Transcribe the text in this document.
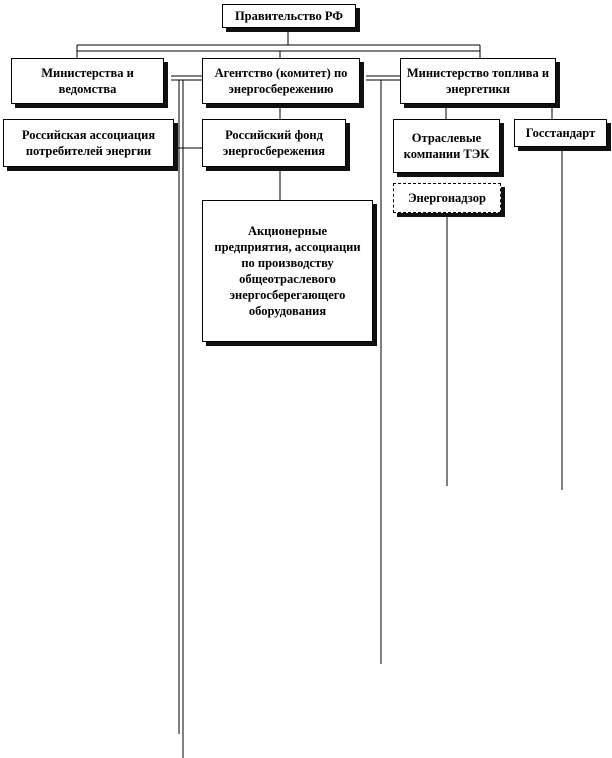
Правительство РФ
Министерства и ведомства
Агентство (комитет) по энергосбережению
Министерство топлива и энергетики
Российская ассоциация потребителей энергии
Российский фонд энергосбережения
Отраслевые компании ТЭК
Госстандарт
Энергонадзор
Акционерные предприятия, ассоциации по производству общеотраслевого энергосберегающего оборудования
